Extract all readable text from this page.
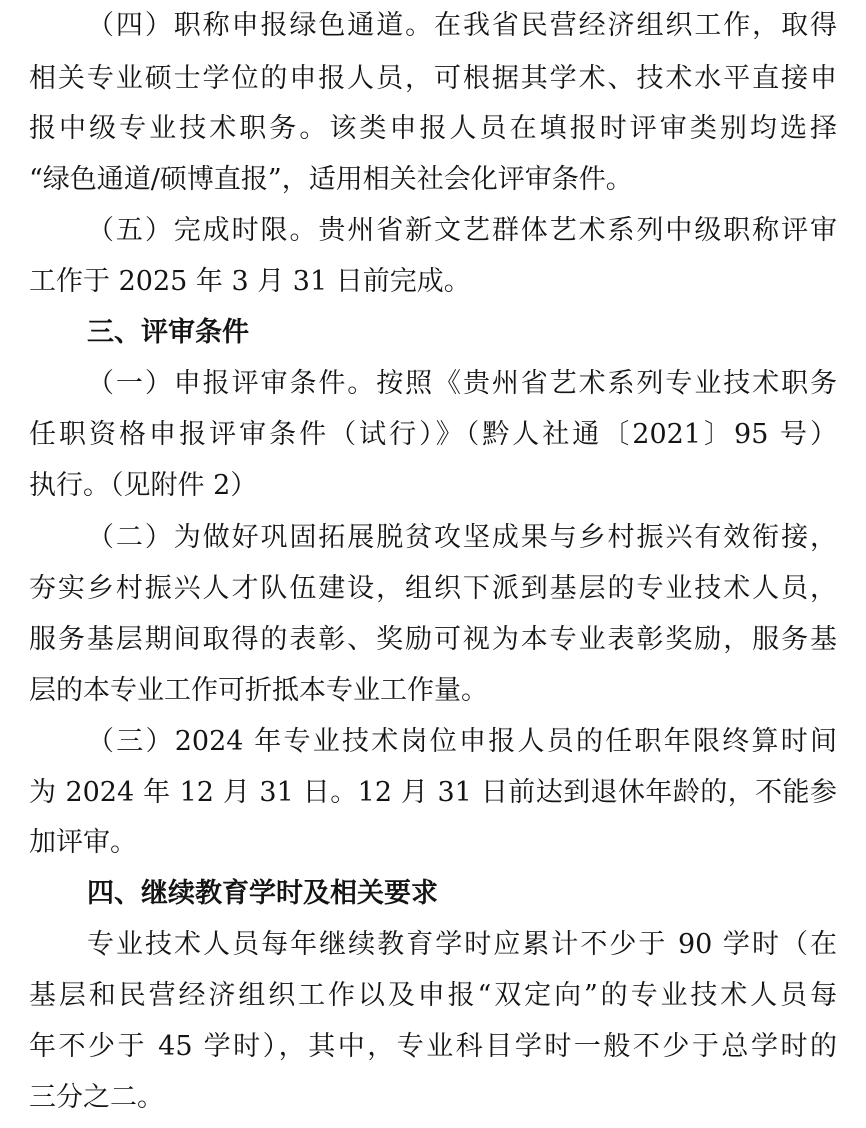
（四）职称申报绿色通道。在我省民营经济组织工作，取得
相关专业硕士学位的申报人员，可根据其学术、技术水平直接申
报中级专业技术职务。该类申报人员在填报时评审类别均选择
“绿色通道/硕博直报”，适用相关社会化评审条件。
（五）完成时限。贵州省新文艺群体艺术系列中级职称评审
工作于 2025 年 3 月 31 日前完成。
三、评审条件
（一）申报评审条件。按照《贵州省艺术系列专业技术职务
任职资格申报评审条件（试行）》（黔人社通〔2021〕95 号）
执行。（见附件 2）
（二）为做好巩固拓展脱贫攻坚成果与乡村振兴有效衔接，
夯实乡村振兴人才队伍建设，组织下派到基层的专业技术人员，
服务基层期间取得的表彰、奖励可视为本专业表彰奖励，服务基
层的本专业工作可折抵本专业工作量。
（三）2024 年专业技术岗位申报人员的任职年限终算时间
为 2024 年 12 月 31 日。12 月 31 日前达到退休年龄的，不能参
加评审。
四、继续教育学时及相关要求
专业技术人员每年继续教育学时应累计不少于 90 学时（在
基层和民营经济组织工作以及申报“双定向”的专业技术人员每
年不少于 45 学时），其中，专业科目学时一般不少于总学时的
三分之二。
